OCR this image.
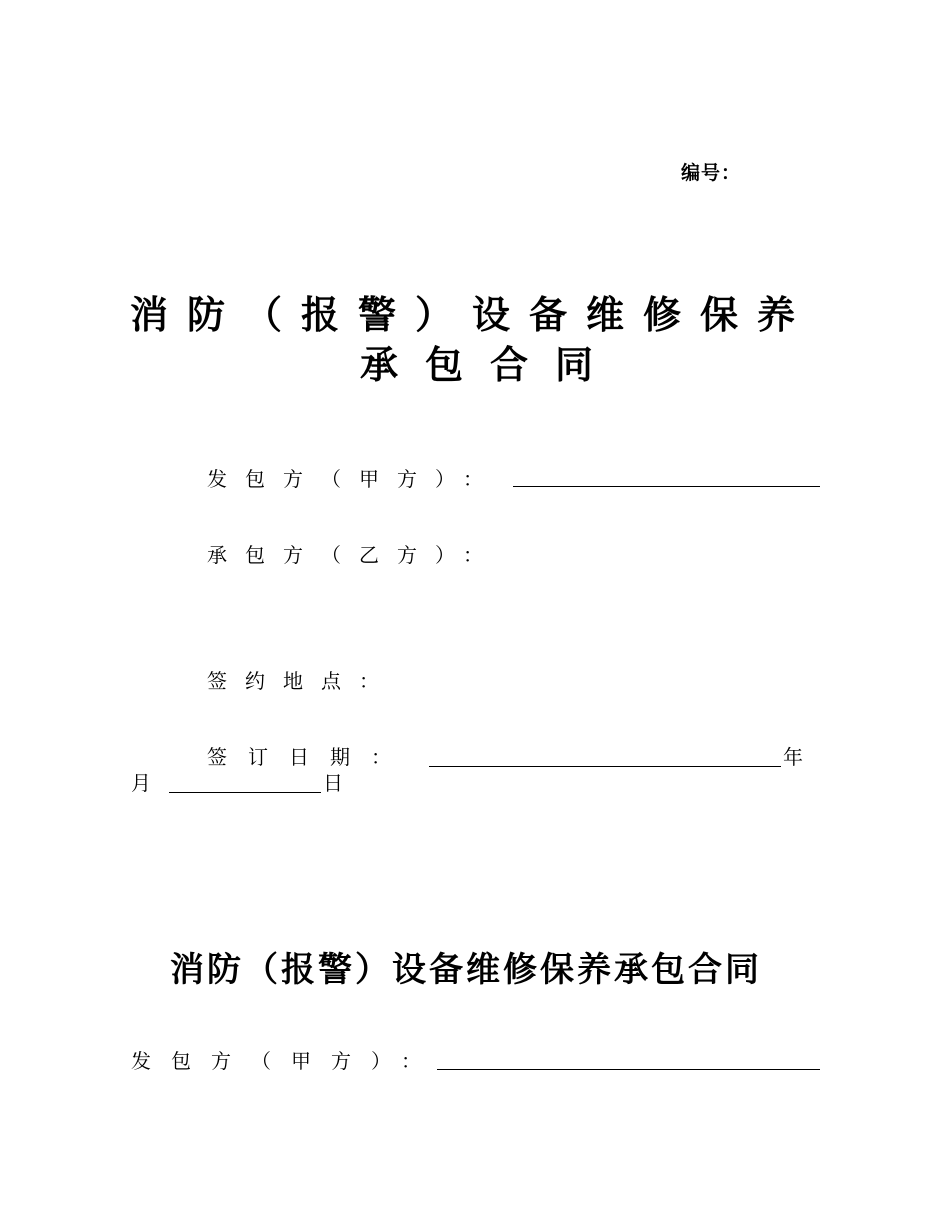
编号：
消防（报警）设备维修保养
承包合同
发包方（甲方）：
承包方（乙方）：
签约地点：
签订日期：	年
月	日
消防（报警）设备维修保养承包合同
发包方（甲方）：
